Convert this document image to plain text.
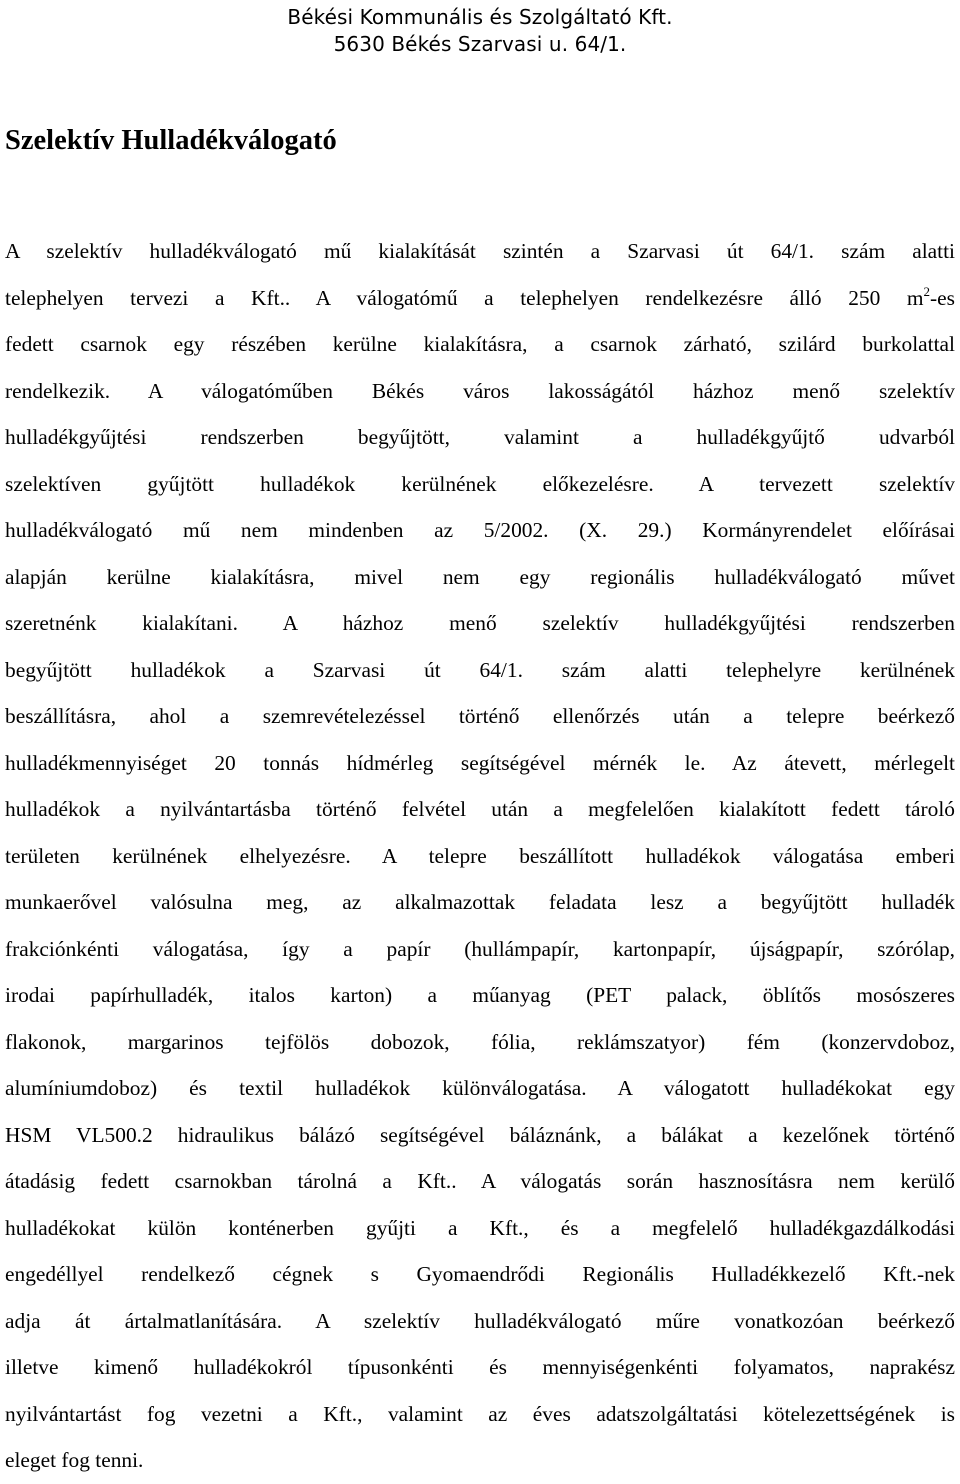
Békési Kommunális és Szolgáltató Kft.
5630 Békés Szarvasi u. 64/1.
Szelektív Hulladékválogató

A szelektív hulladékválogató mű kialakítását szintén a Szarvasi út 64/1. szám alatti
telephelyen tervezi a Kft.. A válogatómű a telephelyen rendelkezésre álló 250 $m^2-es$
fedett csarnok egy részében kerülne kialakításra, a csarnok zárható, szilárd burkolattal
rendelkezik. A válogatóműben Békés város lakosságától házhoz menő szelektív
hulladékgyűjtési rendszerben begyűjtött, valamint a hulladékgyűjtő udvarból
szelektíven gyűjtött hulladékok kerülnének előkezelésre. A tervezett szelektív
hulladékválogató mű nem mindenben az 5/2002. (X. 29.) Kormányrendelet előírásai
alapján kerülne kialakításra, mivel nem egy regionális hulladékválogató művet
szeretnénk kialakítani. A házhoz menő szelektív hulladékgyűjtési rendszerben
begyűjtött hulladékok a Szarvasi út 64/1. szám alatti telephelyre kerülnének
beszállításra, ahol a szemrevételezéssel történő ellenőrzés után a telepre beérkező
hulladékmennyiséget 20 tonnás hídmérleg segítségével mérnék le. Az átevett, mérlegelt
hulladékok a nyilvántartásba történő felvétel után a megfelelően kialakított fedett tároló
területen kerülnének elhelyezésre. A telepre beszállított hulladékok válogatása emberi
munkaerővel valósulna meg, az alkalmazottak feladata lesz a begyűjtött hulladék
frakciónkénti válogatása, így a papír (hullámpapír, kartonpapír, újságpapír, szórólap,
irodai papírhulladék, italos karton) a műanyag (PET palack, öblítős mosószeres
flakonok, margarinos tejfölös dobozok, fólia, reklámszatyor) fém (konzervdoboz,
alumíniumdoboz) és textil hulladékok különválogatása. A válogatott hulladékokat egy
HSM VL500.2 hidraulikus bálázó segítségével báláznánk, a bálákat a kezelőnek történő
átadásig fedett csarnokban tárolná a Kft.. A válogatás során hasznosításra nem kerülő
hulladékokat külön konténerben gyűjti a Kft., és a megfelelő hulladékgazdálkodási
engedéllyel rendelkező cégnek s Gyomaendrődi Regionális Hulladékkezelő Kft.-nek
adja át ártalmatlanítására. A szelektív hulladékválogató műre vonatkozóan beérkező
illetve kimenő hulladékokról típusonkénti és mennyiségenkénti folyamatos, naprakész
nyilvántartást fog vezetni a Kft., valamint az éves adatszolgáltatási kötelezettségének is
eleget fog tenni.
